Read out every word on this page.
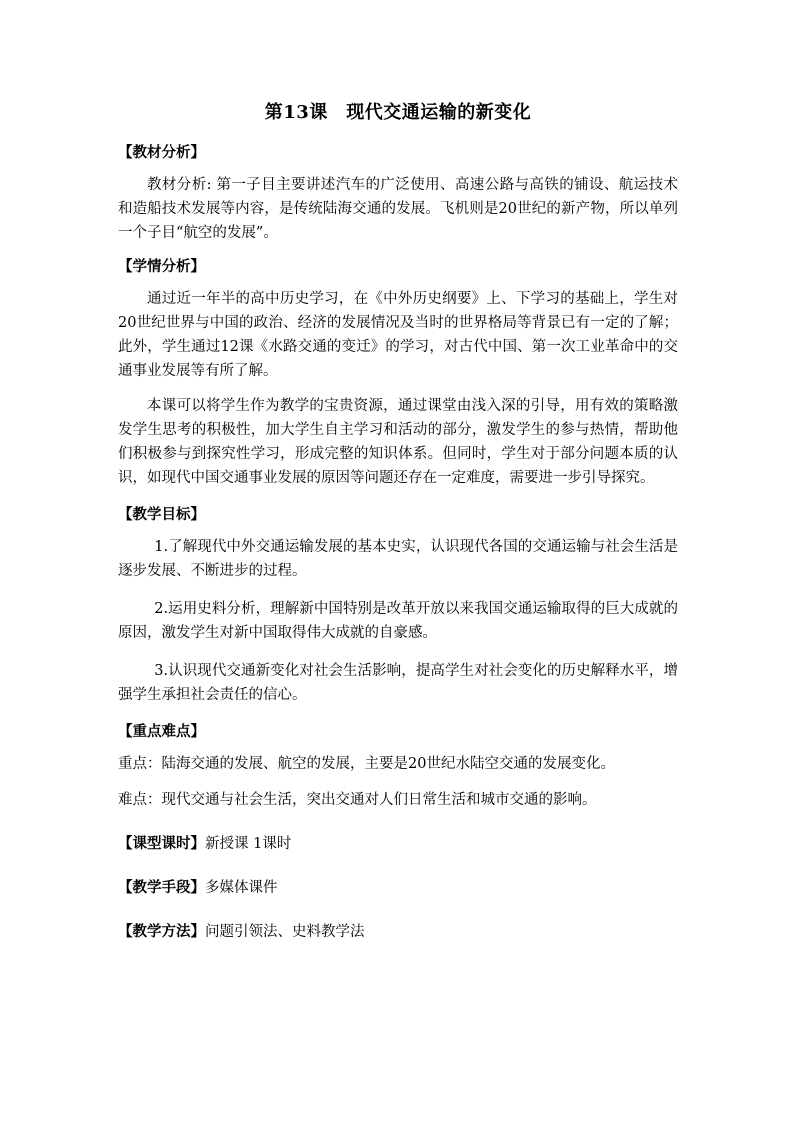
第13课　现代交通运输的新变化
【教材分析】

教材分析: 第一子目主要讲述汽车的广泛使用、高速公路与高铁的铺设、航运技术和造船技术发展等内容，是传统陆海交通的发展。飞机则是20世纪的新产物，所以单列一个子目“航空的发展”。

【学情分析】

通过近一年半的高中历史学习，在《中外历史纲要》上、下学习的基础上，学生对20世纪世界与中国的政治、经济的发展情况及当时的世界格局等背景已有一定的了解；此外，学生通过12课《水路交通的变迁》的学习，对古代中国、第一次工业革命中的交通事业发展等有所了解。

本课可以将学生作为教学的宝贵资源，通过课堂由浅入深的引导，用有效的策略激发学生思考的积极性，加大学生自主学习和活动的部分，激发学生的参与热情，帮助他们积极参与到探究性学习，形成完整的知识体系。但同时，学生对于部分问题本质的认识，如现代中国交通事业发展的原因等问题还存在一定难度，需要进一步引导探究。

【教学目标】

1.了解现代中外交通运输发展的基本史实，认识现代各国的交通运输与社会生活是逐步发展、不断进步的过程。

2.运用史料分析，理解新中国特别是改革开放以来我国交通运输取得的巨大成就的原因，激发学生对新中国取得伟大成就的自豪感。

3.认识现代交通新变化对社会生活影响，提高学生对社会变化的历史解释水平，增强学生承担社会责任的信心。

【重点难点】

重点：陆海交通的发展、航空的发展，主要是20世纪水陆空交通的发展变化。

难点：现代交通与社会生活，突出交通对人们日常生活和城市交通的影响。

【课型课时】新授课 1课时
【教学手段】多媒体课件
【教学方法】问题引领法、史料教学法
